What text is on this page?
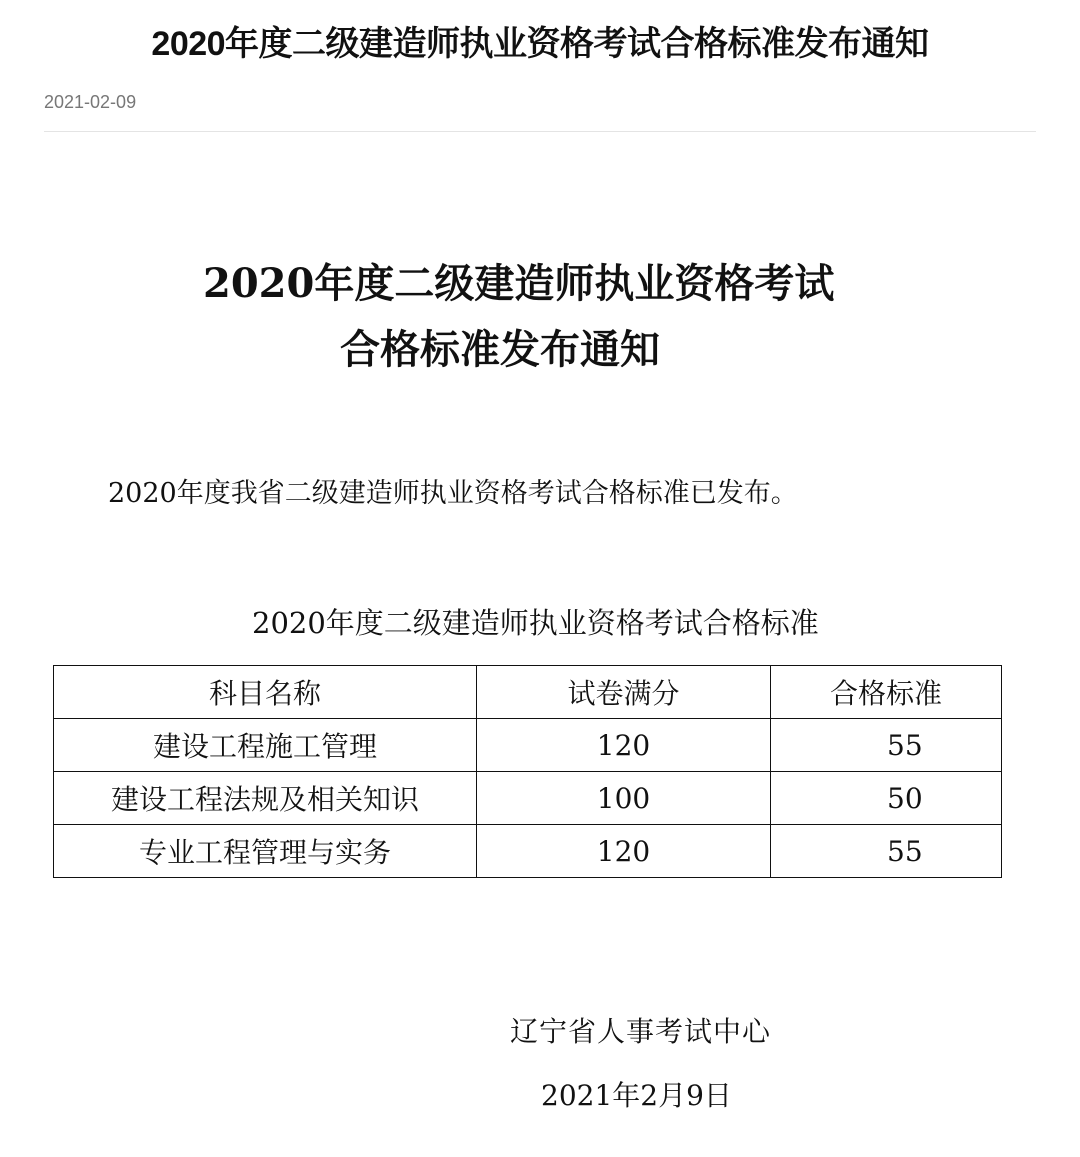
2020年度二级建造师执业资格考试合格标准发布通知
2021-02-09
2020年度二级建造师执业资格考试
合格标准发布通知

2020年度我省二级建造师执业资格考试合格标准已发布。

2020年度二级建造师执业资格考试合格标准
科目名称	试卷满分	合格标准
建设工程施工管理	120	55
建设工程法规及相关知识	100	50
专业工程管理与实务	120	55
辽宁省人事考试中心
2021年2月9日
